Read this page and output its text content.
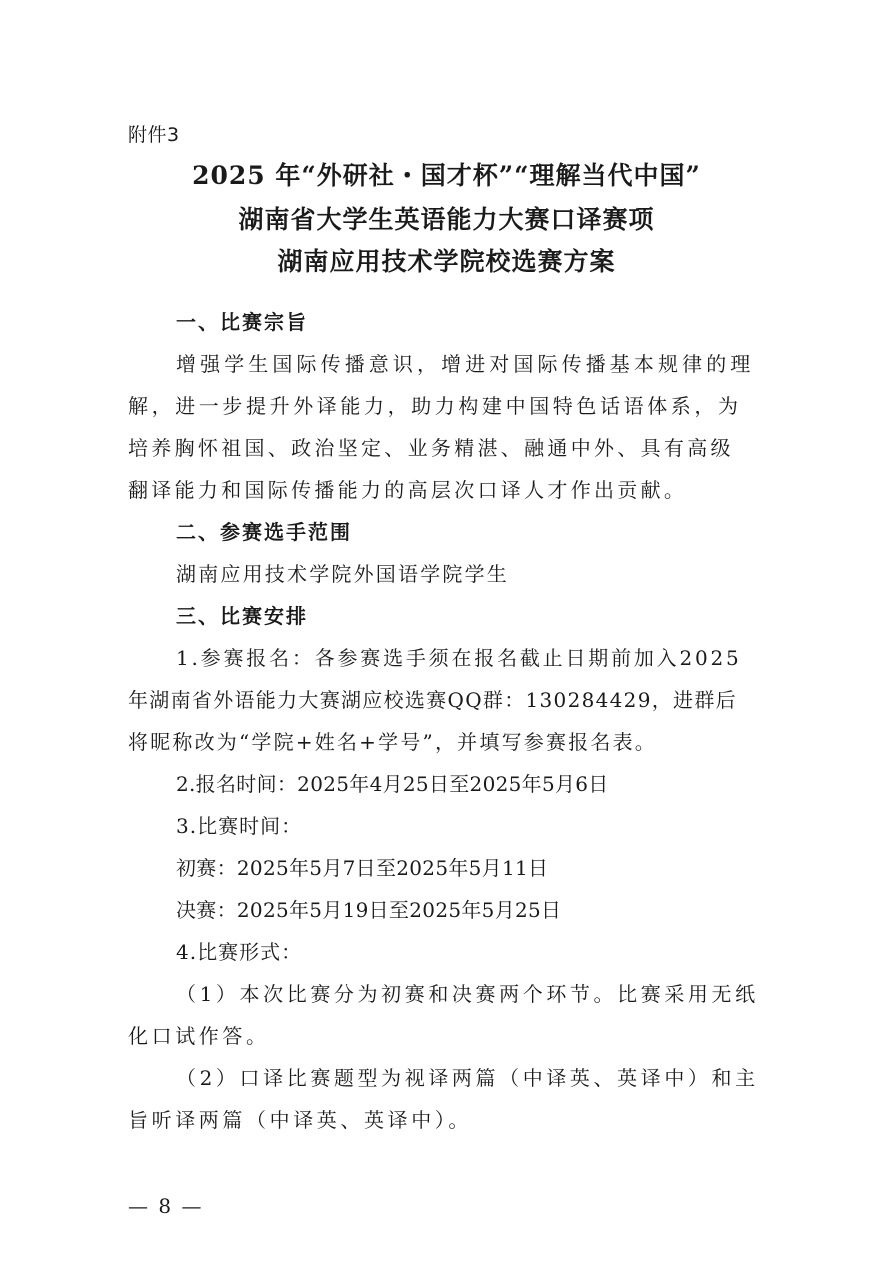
附件3
2025 年“外研社・国才杯”“理解当代中国”
湖南省大学生英语能力大赛口译赛项
湖南应用技术学院校选赛方案
一、比赛宗旨
增强学生国际传播意识，增进对国际传播基本规律的理
解，进一步提升外译能力，助力构建中国特色话语体系，为
培养胸怀祖国、政治坚定、业务精湛、融通中外、具有高级
翻译能力和国际传播能力的高层次口译人才作出贡献。
二、参赛选手范围
湖南应用技术学院外国语学院学生
三、比赛安排
1.参赛报名：各参赛选手须在报名截止日期前加入2025
年湖南省外语能力大赛湖应校选赛QQ群：130284429，进群后
将昵称改为“学院+姓名+学号”，并填写参赛报名表。
2.报名时间：2025年4月25日至2025年5月6日
3.比赛时间：
初赛：2025年5月7日至2025年5月11日
决赛：2025年5月19日至2025年5月25日
4.比赛形式：
（1）本次比赛分为初赛和决赛两个环节。比赛采用无纸
化口试作答。
（2）口译比赛题型为视译两篇（中译英、英译中）和主
旨听译两篇（中译英、英译中）。
— 8 —
